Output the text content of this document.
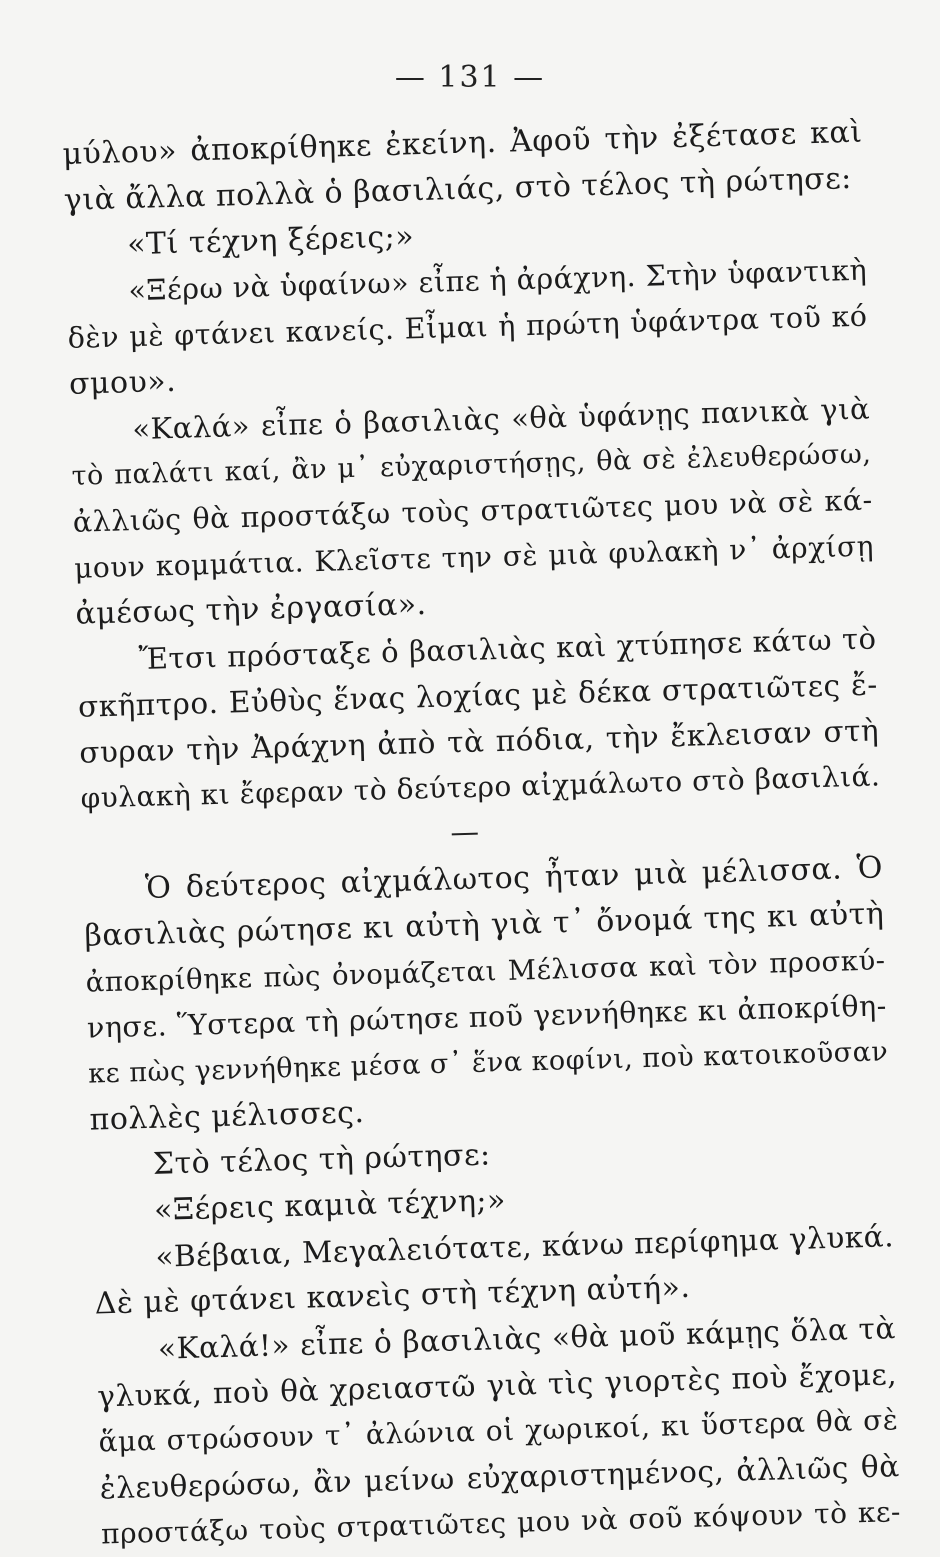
— 131 —
μύλου» ἀποκρίθηκε ἐκείνη. Ἀφοῦ τὴν ἐξέτασε καὶ
γιὰ ἄλλα πολλὰ ὁ βασιλιάς, στὸ τέλος τὴ ρώτησε:
«Τί τέχνη ξέρεις;»
«Ξέρω νὰ ὑφαίνω» εἶπε ἡ ἀράχνη. Στὴν ὑφαντικὴ
δὲν μὲ φτάνει κανείς. Εἶμαι ἡ πρώτη ὑφάντρα τοῦ κό
σμου».
«Καλά» εἶπε ὁ βασιλιὰς «θὰ ὑφάνῃς πανικὰ γιὰ
τὸ παλάτι καί, ἂν μ᾿ εὐχαριστήσῃς, θὰ σὲ ἐλευθερώσω,
ἀλλιῶς θὰ προστάξω τοὺς στρατιῶτες μου νὰ σὲ κά-
μουν κομμάτια. Κλεῖστε την σὲ μιὰ φυλακὴ ν᾿ ἀρχίσῃ
ἀμέσως τὴν ἐργασία».
Ἔτσι πρόσταξε ὁ βασιλιὰς καὶ χτύπησε κάτω τὸ
σκῆπτρο. Εὐθὺς ἕνας λοχίας μὲ δέκα στρατιῶτες ἔ-
συραν τὴν Ἀράχνη ἀπὸ τὰ πόδια, τὴν ἔκλεισαν στὴ
φυλακὴ κι ἔφεραν τὸ δεύτερο αἰχμάλωτο στὸ βασιλιά.
Ὁ δεύτερος αἰχμάλωτος ἦταν μιὰ μέλισσα. Ὁ
βασιλιὰς ρώτησε κι αὐτὴ γιὰ τ᾿ ὄνομά της κι αὐτὴ
ἀποκρίθηκε πὼς ὀνομάζεται Μέλισσα καὶ τὸν προσκύ-
νησε. Ὕστερα τὴ ρώτησε ποῦ γεννήθηκε κι ἀποκρίθη-
κε πὼς γεννήθηκε μέσα σ᾿ ἕνα κοφίνι, ποὺ κατοικοῦσαν
πολλὲς μέλισσες.
Στὸ τέλος τὴ ρώτησε:
«Ξέρεις καμιὰ τέχνη;»
«Βέβαια, Μεγαλειότατε, κάνω περίφημα γλυκά.
Δὲ μὲ φτάνει κανεὶς στὴ τέχνη αὐτή».
«Καλά!» εἶπε ὁ βασιλιὰς «θὰ μοῦ κάμῃς ὅλα τὰ
γλυκά, ποὺ θὰ χρειαστῶ γιὰ τὶς γιορτὲς ποὺ ἔχομε,
ἅμα στρώσουν τ᾿ ἀλώνια οἱ χωρικοί, κι ὕστερα θὰ σὲ
ἐλευθερώσω, ἂν μείνω εὐχαριστημένος, ἀλλιῶς θὰ
προστάξω τοὺς στρατιῶτες μου νὰ σοῦ κόψουν τὸ κε-
